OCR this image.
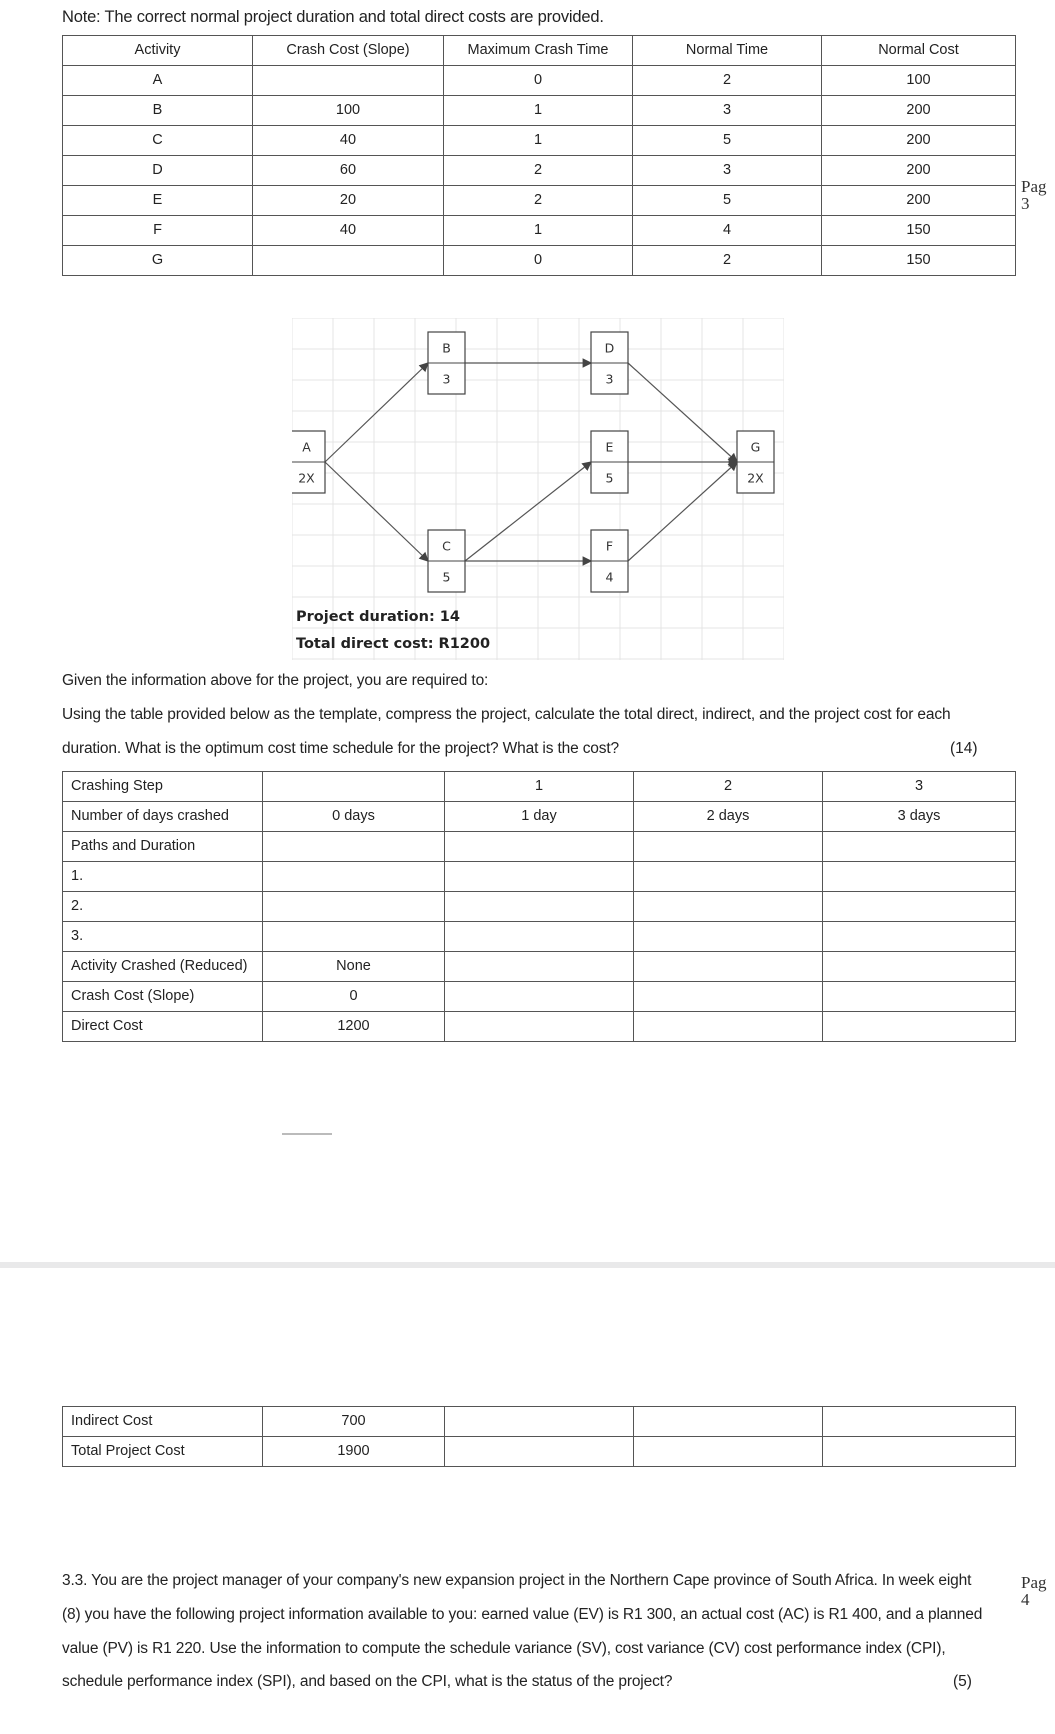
Note: The correct normal project duration and total direct costs are provided.
Activity	Crash Cost (Slope)	Maximum Crash Time	Normal Time	Normal Cost
A		0	2	100
B	100	1	3	200
C	40	1	5	200
D	60	2	3	200
E	20	2	5	200
F	40	1	4	150
G		0	2	150
Pag
3
A
2X
B
3
C
5
D
3
E
5
F
4
G
2X
Project duration: 14
Total direct cost: R1200
Given the information above for the project, you are required to:
Using the table provided below as the template, compress the project, calculate the total direct, indirect, and the project cost for each
duration. What is the optimum cost time schedule for the project? What is the cost?	(14)
Crashing Step		1	2	3
Number of days crashed	0 days	1 day	2 days	3 days
Paths and Duration				
1.				
2.				
3.				
Activity Crashed (Reduced)	None			
Crash Cost (Slope)	0			
Direct Cost	1200			
Indirect Cost	700			
Total Project Cost	1900			
3.3. You are the project manager of your company's new expansion project in the Northern Cape province of South Africa. In week eight
(8) you have the following project information available to you: earned value (EV) is R1 300, an actual cost (AC) is R1 400, and a planned
value (PV) is R1 220. Use the information to compute the schedule variance (SV), cost variance (CV) cost performance index (CPI),
schedule performance index (SPI), and based on the CPI, what is the status of the project?	(5)
Pag
4
